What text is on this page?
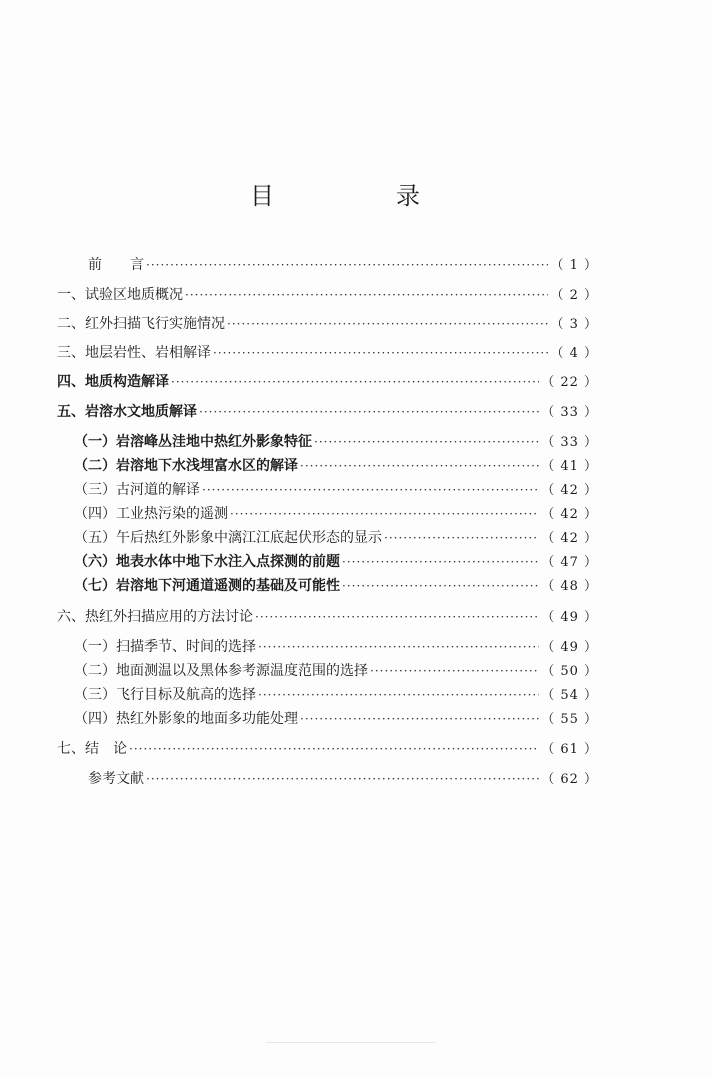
目	录
前　　言 ·····	（ 1 ）
一、试验区地质概况 ·····	（ 2 ）
二、红外扫描飞行实施情况 ·····	（ 3 ）
三、地层岩性、岩相解译 ·····	（ 4 ）
四、地质构造解译 ·····	（ 22 ）
五、岩溶水文地质解译 ·····	（ 33 ）
（一）岩溶峰丛洼地中热红外影象特征 ·····	（ 33 ）
（二）岩溶地下水浅埋富水区的解译 ·····	（ 41 ）
（三）古河道的解译 ·····	（ 42 ）
（四）工业热污染的遥测 ·····	（ 42 ）
（五）午后热红外影象中漓江江底起伏形态的显示 ·····	（ 42 ）
（六）地表水体中地下水注入点探测的前题 ·····	（ 47 ）
（七）岩溶地下河通道遥测的基础及可能性 ·····	（ 48 ）
六、热红外扫描应用的方法讨论 ·····	（ 49 ）
（一）扫描季节、时间的选择 ·····	（ 49 ）
（二）地面测温以及黑体参考源温度范围的选择 ·····	（ 50 ）
（三）飞行目标及航高的选择 ·····	（ 54 ）
（四）热红外影象的地面多功能处理 ·····	（ 55 ）
七、结　论 ·····	（ 61 ）
参考文献 ·····	（ 62 ）
